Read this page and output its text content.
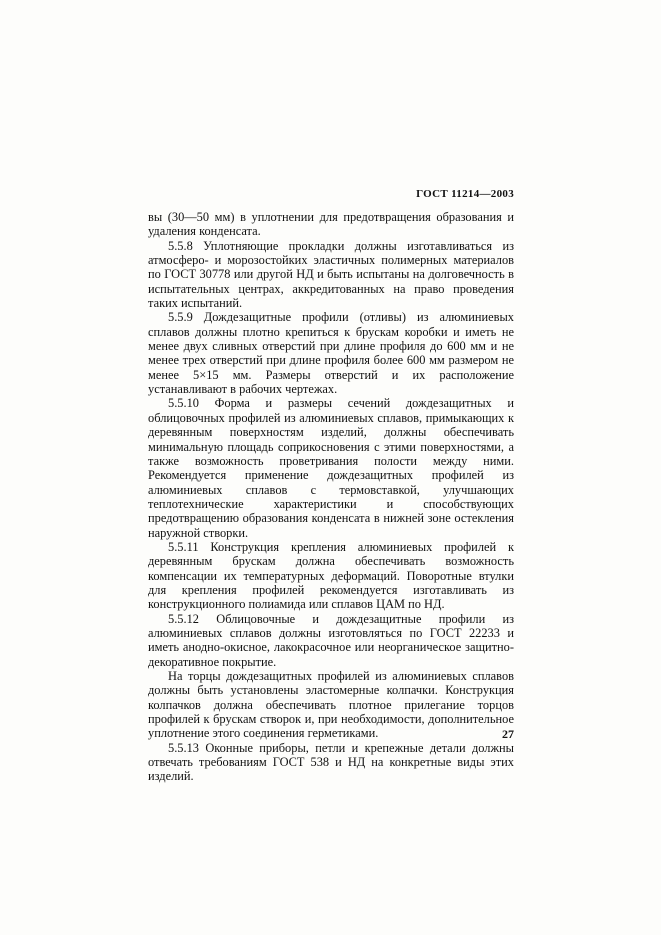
ГОСТ 11214—2003

вы (30—50 мм) в уплотнении для предотвращения образования и удаления конденсата.

5.5.8 Уплотняющие прокладки должны изготавливаться из атмосферо- и морозостойких эластичных полимерных материалов по ГОСТ 30778 или другой НД и быть испытаны на долговечность в испытательных центрах, аккредитованных на право проведения таких испытаний.

5.5.9 Дождезащитные профили (отливы) из алюминиевых сплавов должны плотно крепиться к брускам коробки и иметь не менее двух сливных отверстий при длине профиля до 600 мм и не менее трех отверстий при длине профиля более 600 мм размером не менее 5×15 мм. Размеры отверстий и их расположение устанавливают в рабочих чертежах.

5.5.10 Форма и размеры сечений дождезащитных и облицовочных профилей из алюминиевых сплавов, примыкающих к деревянным поверхностям изделий, должны обеспечивать минимальную площадь соприкосновения с этими поверхностями, а также возможность проветривания полости между ними. Рекомендуется применение дождезащитных профилей из алюминиевых сплавов с термовставкой, улучшающих теплотехнические характеристики и способствующих предотвращению образования конденсата в нижней зоне остекления наружной створки.

5.5.11 Конструкция крепления алюминиевых профилей к деревянным брускам должна обеспечивать возможность компенсации их температурных деформаций. Поворотные втулки для крепления профилей рекомендуется изготавливать из конструкционного полиамида или сплавов ЦАМ по НД.

5.5.12 Облицовочные и дождезащитные профили из алюминиевых сплавов должны изготовляться по ГОСТ 22233 и иметь анодно-окисное, лакокрасочное или неорганическое защитно-декоративное покрытие.

На торцы дождезащитных профилей из алюминиевых сплавов должны быть установлены эластомерные колпачки. Конструкция колпачков должна обеспечивать плотное прилегание торцов профилей к брускам створок и, при необходимости, дополнительное уплотнение этого соединения герметиками.

5.5.13 Оконные приборы, петли и крепежные детали должны отвечать требованиям ГОСТ 538 и НД на конкретные виды этих изделий.

27
